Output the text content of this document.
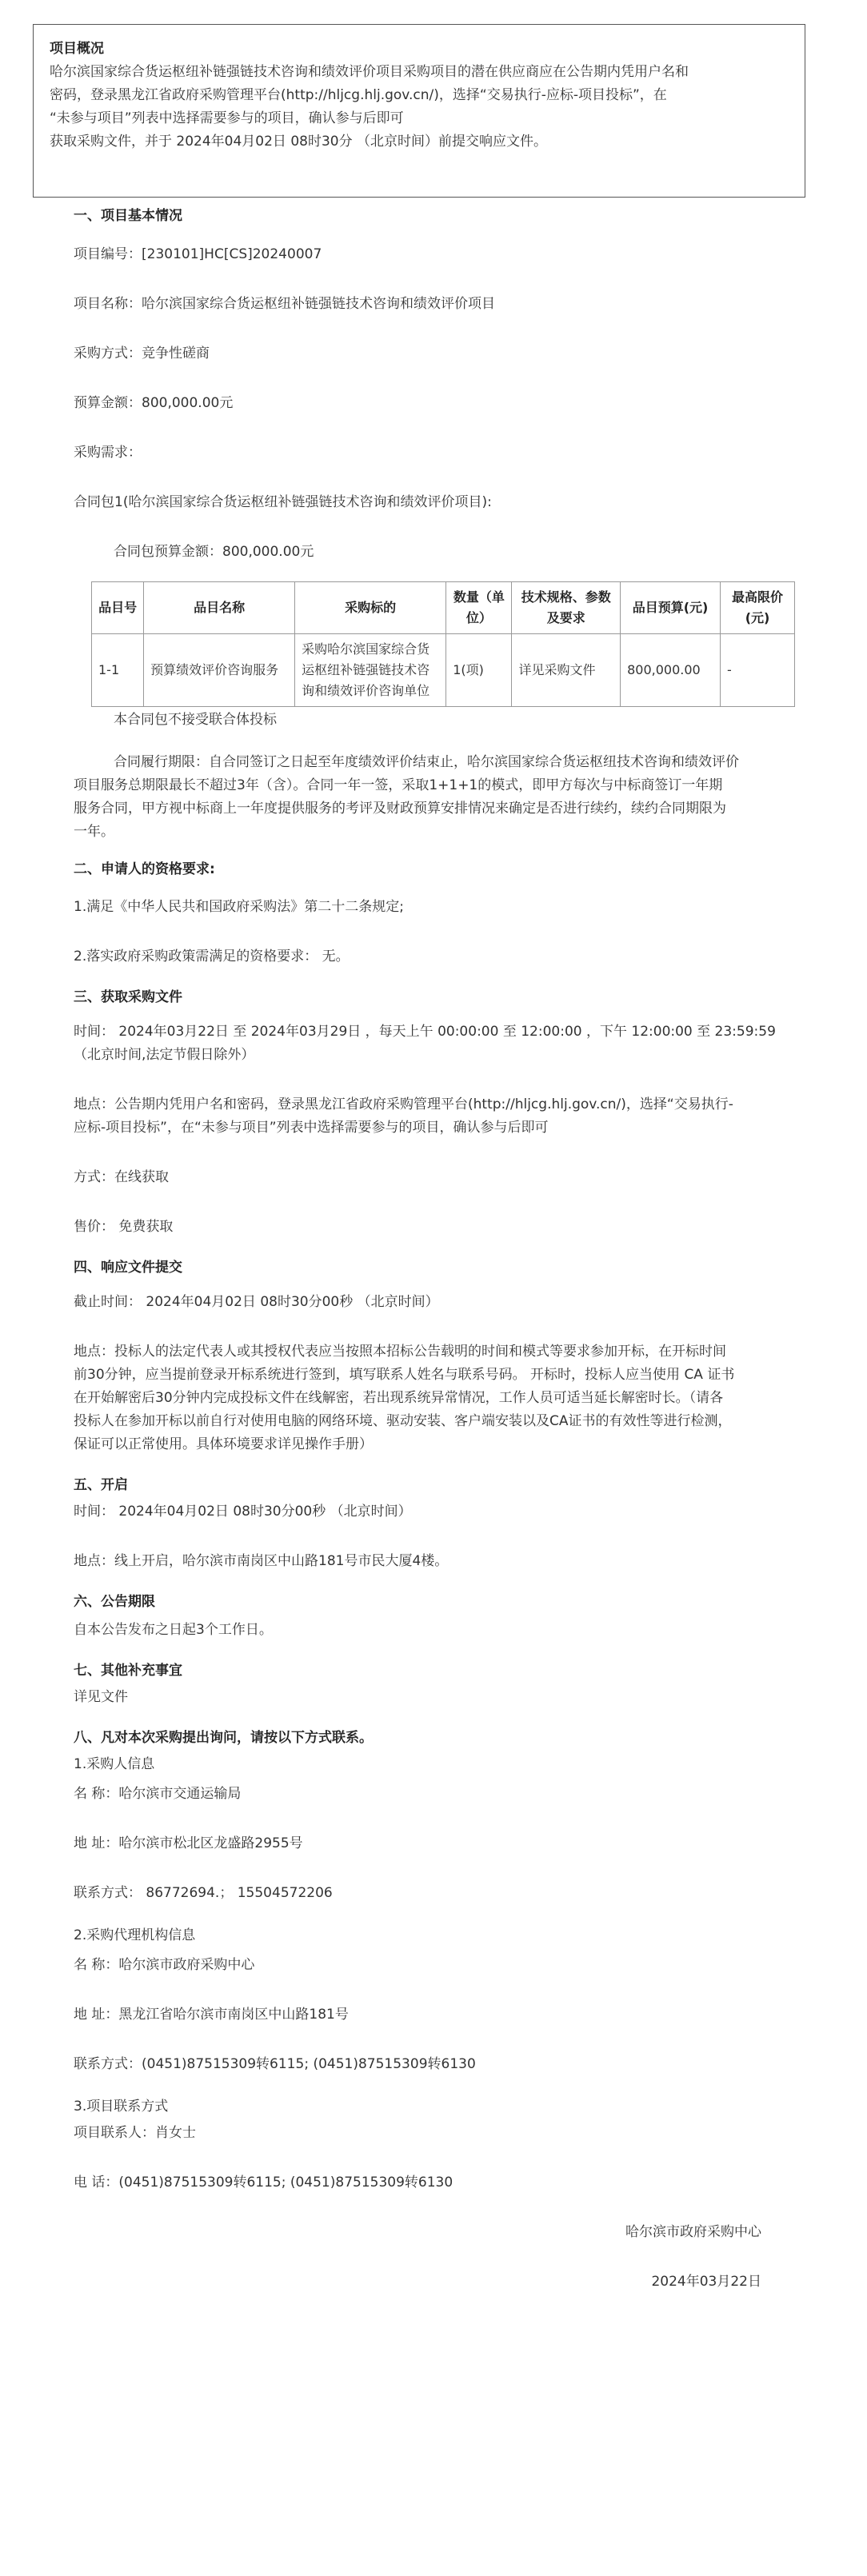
项目概况

哈尔滨国家综合货运枢纽补链强链技术咨询和绩效评价项目采购项目的潜在供应商应在公告期内凭用户名和

密码，登录黑龙江省政府采购管理平台(http://hljcg.hlj.gov.cn/)，选择“交易执行-应标-项目投标”，在

“未参与项目”列表中选择需要参与的项目，确认参与后即可

获取采购文件，并于 2024年04月02日 08时30分 （北京时间）前提交响应文件。

一、项目基本情况

项目编号：[230101]HC[CS]20240007

项目名称：哈尔滨国家综合货运枢纽补链强链技术咨询和绩效评价项目

采购方式：竞争性磋商

预算金额：800,000.00元

采购需求：

合同包1(哈尔滨国家综合货运枢纽补链强链技术咨询和绩效评价项目):

合同包预算金额：800,000.00元

品目号	品目名称	采购标的	数量（单位）	技术规格、参数及要求	品目预算(元)	最高限价(元)
1-1	预算绩效评价咨询服务	采购哈尔滨国家综合货运枢纽补链强链技术咨询和绩效评价咨询单位	1(项)	详见采购文件	800,000.00	-

本合同包不接受联合体投标

合同履行期限：自合同签订之日起至年度绩效评价结束止，哈尔滨国家综合货运枢纽技术咨询和绩效评价

项目服务总期限最长不超过3年（含）。合同一年一签，采取1+1+1的模式，即甲方每次与中标商签订一年期

服务合同，甲方视中标商上一年度提供服务的考评及财政预算安排情况来确定是否进行续约，续约合同期限为

一年。

二、申请人的资格要求:

1.满足《中华人民共和国政府采购法》第二十二条规定;

2.落实政府采购政策需满足的资格要求： 无。

三、获取采购文件

时间： 2024年03月22日 至 2024年03月29日 ，每天上午 00:00:00 至 12:00:00 ，下午 12:00:00 至 23:59:59

（北京时间,法定节假日除外）

地点：公告期内凭用户名和密码，登录黑龙江省政府采购管理平台(http://hljcg.hlj.gov.cn/)，选择“交易执行-

应标-项目投标”，在“未参与项目”列表中选择需要参与的项目，确认参与后即可

方式：在线获取

售价： 免费获取

四、响应文件提交

截止时间： 2024年04月02日 08时30分00秒 （北京时间）

地点：投标人的法定代表人或其授权代表应当按照本招标公告载明的时间和模式等要求参加开标，在开标时间

前30分钟，应当提前登录开标系统进行签到，填写联系人姓名与联系号码。 开标时，投标人应当使用 CA 证书

在开始解密后30分钟内完成投标文件在线解密，若出现系统异常情况，工作人员可适当延长解密时长。（请各

投标人在参加开标以前自行对使用电脑的网络环境、驱动安装、客户端安装以及CA证书的有效性等进行检测，

保证可以正常使用。具体环境要求详见操作手册）

五、开启

时间： 2024年04月02日 08时30分00秒 （北京时间）

地点：线上开启，哈尔滨市南岗区中山路181号市民大厦4楼。

六、公告期限

自本公告发布之日起3个工作日。

七、其他补充事宜

详见文件

八、凡对本次采购提出询问，请按以下方式联系。

1.采购人信息

名 称：哈尔滨市交通运输局

地 址：哈尔滨市松北区龙盛路2955号

联系方式： 86772694.； 15504572206

2.采购代理机构信息

名 称：哈尔滨市政府采购中心

地 址：黑龙江省哈尔滨市南岗区中山路181号

联系方式：(0451)87515309转6115; (0451)87515309转6130

3.项目联系方式

项目联系人：肖女士

电 话：(0451)87515309转6115; (0451)87515309转6130

哈尔滨市政府采购中心

2024年03月22日
